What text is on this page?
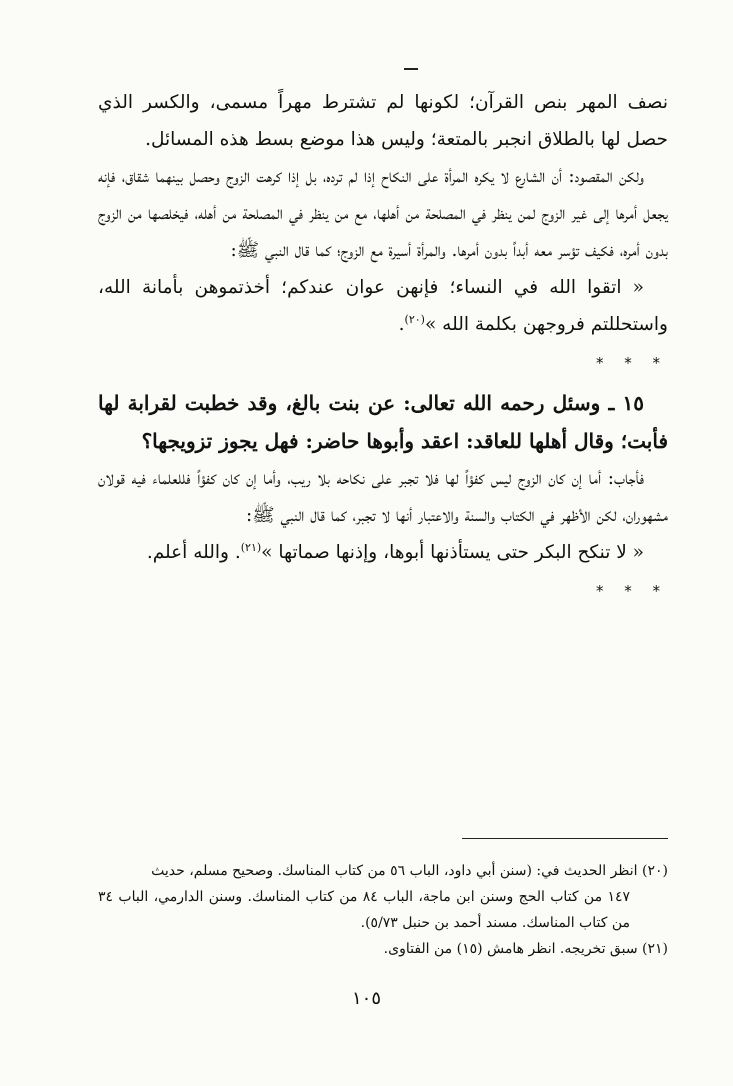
نصف المهر بنص القرآن؛ لكونها لم تشترط مهراً مسمى، والكسر الذي حصل لها بالطلاق انجبر بالمتعة؛ وليس هذا موضع بسط هذه المسائل.

ولكن المقصود: أن الشارع لا يكره المرأة على النكاح إذا لم ترده، بل إذا كرهت الزوج وحصل بينهما شقاق، فإنه يجعل أمرها إلى غير الزوج لمن ينظر في المصلحة من أهلها، مع من ينظر في المصلحة من أهله، فيخلصها من الزوج بدون أمره، فكيف تؤسر معه أبداً بدون أمرها. والمرأة أسيرة مع الزوج؛ كما قال النبي ﷺ:

« اتقوا الله في النساء؛ فإنهن عوان عندكم؛ أخذتموهن بأمانة الله، واستحللتم فروجهن بكلمة الله »$^{(٢٠)}$.

* * *

١٥ ـ وسئل رحمه الله تعالى: عن بنت بالغ، وقد خطبت لقرابة لها فأبت؛ وقال أهلها للعاقد: اعقد وأبوها حاضر: فهل يجوز تزويجها؟

فأجاب: أما إن كان الزوج ليس كفؤاً لها فلا تجبر على نكاحه بلا ريب، وأما إن كان كفؤاً فللعلماء فيه قولان مشهوران، لكن الأظهر في الكتاب والسنة والاعتبار أنها لا تجبر، كما قال النبي ﷺ:

« لا تنكح البكر حتى يستأذنها أبوها، وإذنها صماتها »$^{(٢١)}$. والله أعلم.

* * *

(٢٠) انظر الحديث في: (سنن أبي داود، الباب ٥٦ من كتاب المناسك. وصحيح مسلم، حديث

١٤٧ من كتاب الحج وسنن ابن ماجة، الباب ٨٤ من كتاب المناسك. وسنن الدارمي، الباب ٣٤ من كتاب المناسك. مسند أحمد بن حنبل ٥/٧٣).

(٢١) سبق تخريجه. انظر هامش (١٥) من الفتاوى.

١٠٥
